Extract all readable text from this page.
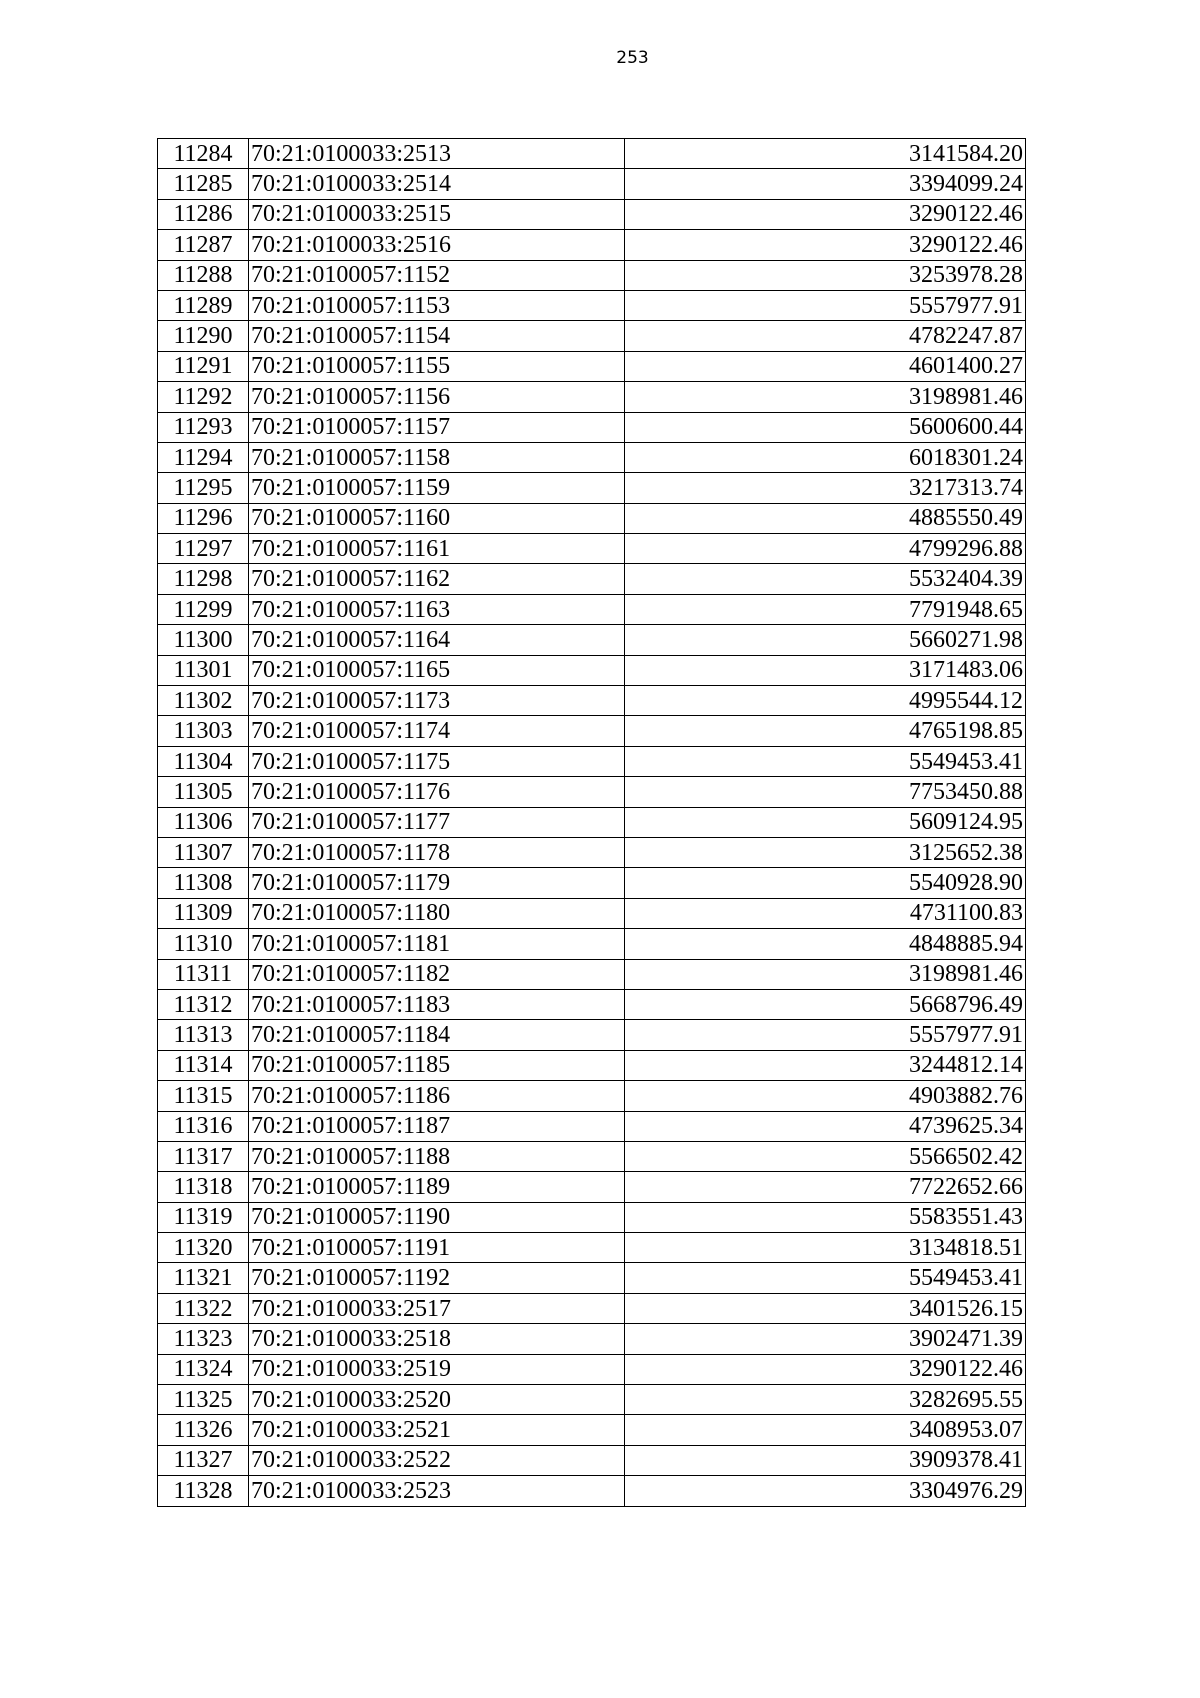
253
11284	70:21:0100033:2513	3141584.20
11285	70:21:0100033:2514	3394099.24
11286	70:21:0100033:2515	3290122.46
11287	70:21:0100033:2516	3290122.46
11288	70:21:0100057:1152	3253978.28
11289	70:21:0100057:1153	5557977.91
11290	70:21:0100057:1154	4782247.87
11291	70:21:0100057:1155	4601400.27
11292	70:21:0100057:1156	3198981.46
11293	70:21:0100057:1157	5600600.44
11294	70:21:0100057:1158	6018301.24
11295	70:21:0100057:1159	3217313.74
11296	70:21:0100057:1160	4885550.49
11297	70:21:0100057:1161	4799296.88
11298	70:21:0100057:1162	5532404.39
11299	70:21:0100057:1163	7791948.65
11300	70:21:0100057:1164	5660271.98
11301	70:21:0100057:1165	3171483.06
11302	70:21:0100057:1173	4995544.12
11303	70:21:0100057:1174	4765198.85
11304	70:21:0100057:1175	5549453.41
11305	70:21:0100057:1176	7753450.88
11306	70:21:0100057:1177	5609124.95
11307	70:21:0100057:1178	3125652.38
11308	70:21:0100057:1179	5540928.90
11309	70:21:0100057:1180	4731100.83
11310	70:21:0100057:1181	4848885.94
11311	70:21:0100057:1182	3198981.46
11312	70:21:0100057:1183	5668796.49
11313	70:21:0100057:1184	5557977.91
11314	70:21:0100057:1185	3244812.14
11315	70:21:0100057:1186	4903882.76
11316	70:21:0100057:1187	4739625.34
11317	70:21:0100057:1188	5566502.42
11318	70:21:0100057:1189	7722652.66
11319	70:21:0100057:1190	5583551.43
11320	70:21:0100057:1191	3134818.51
11321	70:21:0100057:1192	5549453.41
11322	70:21:0100033:2517	3401526.15
11323	70:21:0100033:2518	3902471.39
11324	70:21:0100033:2519	3290122.46
11325	70:21:0100033:2520	3282695.55
11326	70:21:0100033:2521	3408953.07
11327	70:21:0100033:2522	3909378.41
11328	70:21:0100033:2523	3304976.29
